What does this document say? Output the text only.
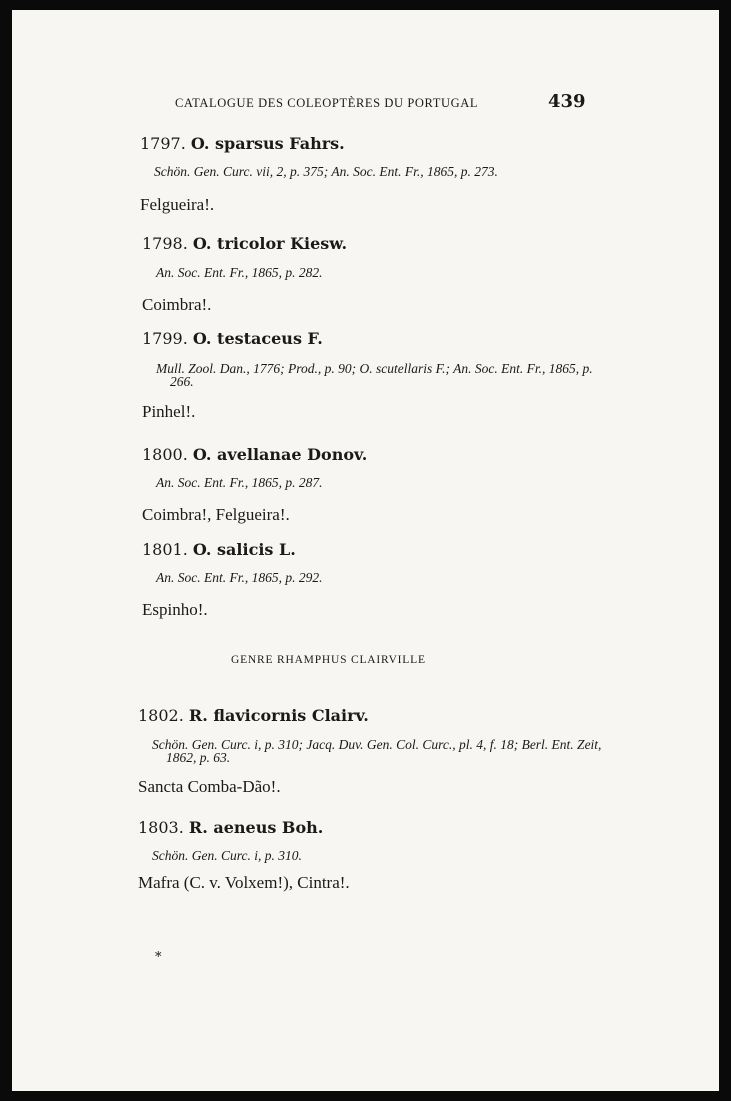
CATALOGUE DES COLEOPTÈRES DU PORTUGAL	439

1797. O. sparsus Fahrs.

Schön. Gen. Curc. vii, 2, p. 375; An. Soc. Ent. Fr., 1865, p. 273.

Felgueira!.

1798. O. tricolor Kiesw.

An. Soc. Ent. Fr., 1865, p. 282.

Coimbra!.

1799. O. testaceus F.

Mull. Zool. Dan., 1776; Prod., p. 90; O. scutellaris F.; An. Soc. Ent. Fr., 1865, p. 266.

Pinhel!.

1800. O. avellanae Donov.

An. Soc. Ent. Fr., 1865, p. 287.

Coimbra!, Felgueira!.

1801. O. salicis L.

An. Soc. Ent. Fr., 1865, p. 292.

Espinho!.

GENRE RHAMPHUS CLAIRVILLE

1802. R. flavicornis Clairv.

Schön. Gen. Curc. i, p. 310; Jacq. Duv. Gen. Col. Curc., pl. 4, f. 18; Berl. Ent. Zeit, 1862, p. 63.

Sancta Comba-Dão!.

1803. R. aeneus Boh.

Schön. Gen. Curc. i, p. 310.

Mafra (C. v. Volxem!), Cintra!.

*
